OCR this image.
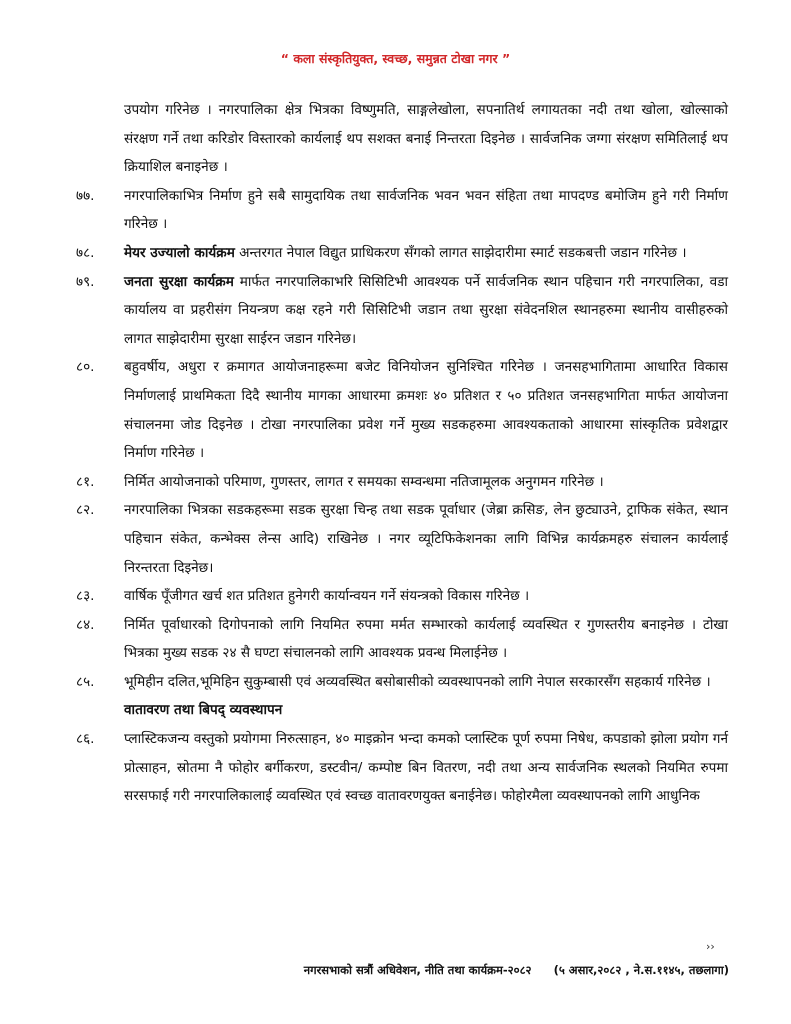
“ कला संस्कृतियुक्त, स्वच्छ, समुन्नत टोखा नगर ”
उपयोग गरिनेछ । नगरपालिका क्षेत्र भित्रका विष्णुमति, साङ्गलेखोला, सपनातिर्थ लगायतका नदी तथा खोला, खोल्साको संरक्षण गर्ने तथा करिडोर विस्तारको कार्यलाई थप सशक्त बनाई निन्तरता दिइनेछ । सार्वजनिक जग्गा संरक्षण समितिलाई थप क्रियाशिल बनाइनेछ ।
७७.	नगरपालिकाभित्र निर्माण हुने सबै सामुदायिक तथा सार्वजनिक भवन भवन संहिता तथा मापदण्ड बमोजिम हुने गरी निर्माण गरिनेछ ।
७८.	मेयर उज्यालो कार्यक्रम अन्तरगत नेपाल विद्युत प्राधिकरण सँगको लागत साझेदारीमा स्मार्ट सडकबत्ती जडान गरिनेछ ।
७९.	जनता सुरक्षा कार्यक्रम मार्फत नगरपालिकाभरि सिसिटिभी आवश्यक पर्ने सार्वजनिक स्थान पहिचान गरी नगरपालिका, वडा कार्यालय वा प्रहरीसंग नियन्त्रण कक्ष रहने गरी सिसिटिभी जडान तथा सुरक्षा संवेदनशिल स्थानहरुमा स्थानीय वासीहरुको लागत साझेदारीमा सुरक्षा साईरन जडान गरिनेछ।
८०.	बहुवर्षीय, अधुरा र क्रमागत आयोजनाहरूमा बजेट विनियोजन सुनिश्चित गरिनेछ । जनसहभागितामा आधारित विकास निर्माणलाई प्राथमिकता दिदै स्थानीय मागका आधारमा क्रमशः ४० प्रतिशत र ५० प्रतिशत जनसहभागिता मार्फत आयोजना संचालनमा जोड दिइनेछ । टोखा नगरपालिका प्रवेश गर्ने मुख्य सडकहरुमा आवश्यकताको आधारमा सांस्कृतिक प्रवेशद्वार निर्माण गरिनेछ ।
८१.	निर्मित आयोजनाको परिमाण, गुणस्तर, लागत र समयका सम्वन्धमा नतिजामूलक अनुगमन गरिनेछ ।
८२.	नगरपालिका भित्रका सडकहरूमा सडक सुरक्षा चिन्ह तथा सडक पूर्वाधार (जेब्रा क्रसिङ, लेन छुट्याउने, ट्राफिक संकेत, स्थान पहिचान संकेत, कन्भेक्स लेन्स आदि) राखिनेछ । नगर व्यूटिफिकेशनका लागि विभिन्न कार्यक्रमहरु संचालन कार्यलाई निरन्तरता दिइनेछ।
८३.	वार्षिक पूँजीगत खर्च शत प्रतिशत हुनेगरी कार्यान्वयन गर्ने संयन्त्रको विकास गरिनेछ ।
८४.	निर्मित पूर्वाधारको दिगोपनाको लागि नियमित रुपमा मर्मत सम्भारको कार्यलाई व्यवस्थित र गुणस्तरीय बनाइनेछ । टोखा भित्रका मुख्य सडक २४ सै घण्टा संचालनको लागि आवश्यक प्रवन्ध मिलाईनेछ ।
८५.	भूमिहीन दलित,भूमिहिन सुकुम्बासी एवं अव्यवस्थित बसोबासीको व्यवस्थापनको लागि नेपाल सरकारसँग सहकार्य गरिनेछ ।
वातावरण तथा बिपद् व्यवस्थापन
८६.	प्लास्टिकजन्य वस्तुको प्रयोगमा निरुत्साहन, ४० माइक्रोन भन्दा कमको प्लास्टिक पूर्ण रुपमा निषेध, कपडाको झोला प्रयोग गर्न प्रोत्साहन, स्रोतमा नै फोहोर बर्गीकरण, डस्टवीन/ कम्पोष्ट बिन वितरण, नदी तथा अन्य सार्वजनिक स्थलको नियमित रुपमा सरसफाई गरी नगरपालिकालाई व्यवस्थित एवं स्वच्छ वातावरणयुक्त बनाईनेछ। फोहोरमैला व्यवस्थापनको लागि आधुनिक
››
नगरसभाको सत्रौं अधिवेशन, नीति तथा कार्यक्रम-२०८२ (५ असार,२०८२ , ने.स.११४५, तछलागा)
